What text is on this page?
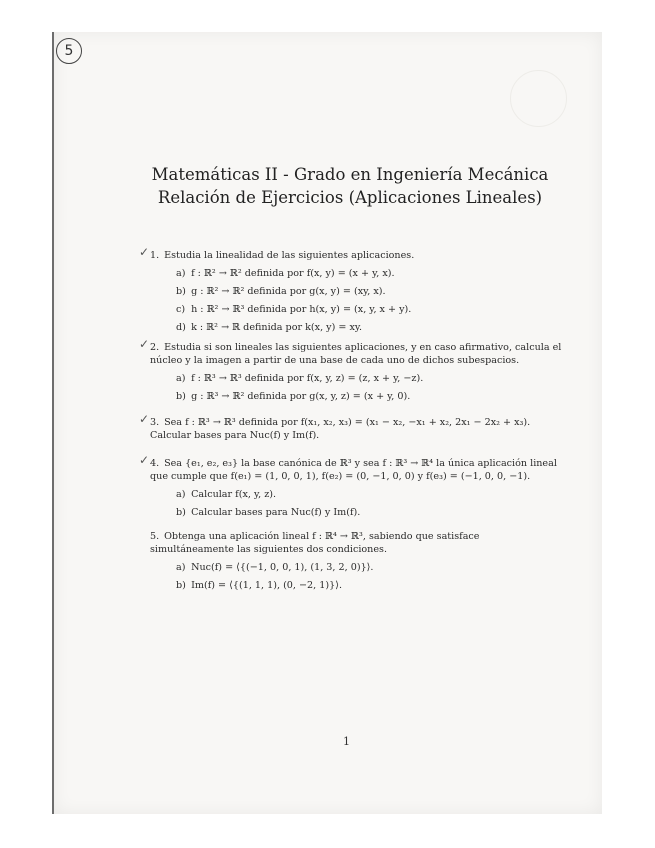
5
Matemáticas II - Grado en Ingeniería Mecánica
Relación de Ejercicios (Aplicaciones Lineales)
✓ 1. Estudia la linealidad de las siguientes aplicaciones.
a) f : ℝ² → ℝ² definida por f(x, y) = (x + y, x).
b) g : ℝ² → ℝ² definida por g(x, y) = (xy, x).
c) h : ℝ² → ℝ³ definida por h(x, y) = (x, y, x + y).
d) k : ℝ² → ℝ definida por k(x, y) = xy.
✓ 2. Estudia si son lineales las siguientes aplicaciones, y en caso afirmativo, calcula el núcleo y la imagen a partir de una base de cada uno de dichos subespacios.
a) f : ℝ³ → ℝ³ definida por f(x, y, z) = (z, x + y, −z).
b) g : ℝ³ → ℝ² definida por g(x, y, z) = (x + y, 0).
✓ 3. Sea f : ℝ³ → ℝ³ definida por f(x₁, x₂, x₃) = (x₁ − x₂, −x₁ + x₂, 2x₁ − 2x₂ + x₃). Calcular bases para Nuc(f) y Im(f).
✓ 4. Sea {e₁, e₂, e₃} la base canónica de ℝ³ y sea f : ℝ³ → ℝ⁴ la única aplicación lineal que cumple que f(e₁) = (1, 0, 0, 1), f(e₂) = (0, −1, 0, 0) y f(e₃) = (−1, 0, 0, −1).
a) Calcular f(x, y, z).
b) Calcular bases para Nuc(f) y Im(f).
5. Obtenga una aplicación lineal f : ℝ⁴ → ℝ³, sabiendo que satisface simultáneamente las siguientes dos condiciones.
a) Nuc(f) = ⟨{(−1, 0, 0, 1), (1, 3, 2, 0)}⟩.
b) Im(f) = ⟨{(1, 1, 1), (0, −2, 1)}⟩.
1
